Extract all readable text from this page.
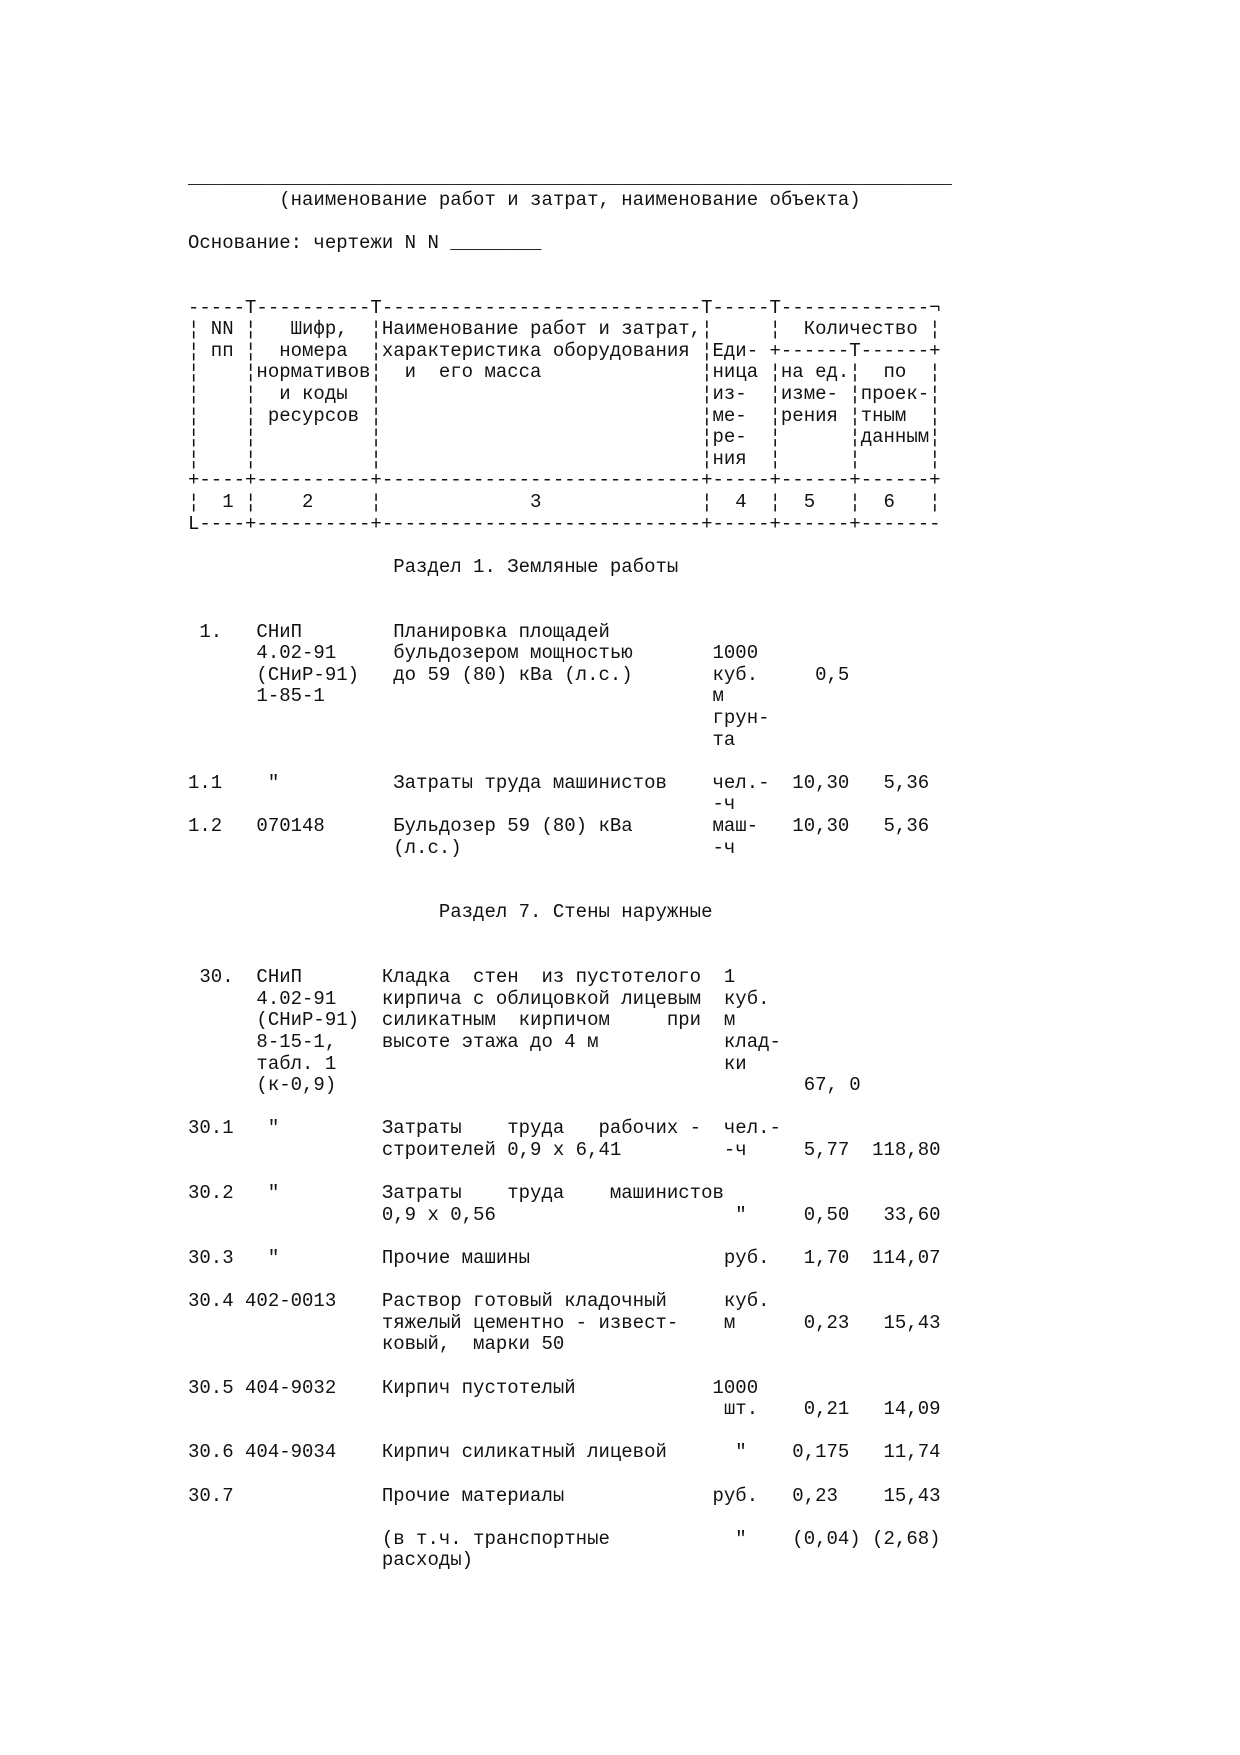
___________________________________________________________________
(наименование работ и затрат, наименование объекта)
Основание: чертежи N N ________
-----T----------T----------------------------T-----T-------------¬
¦ NN ¦   Шифр,  ¦Наименование работ и затрат,¦     ¦  Количество ¦
¦ пп ¦  номера  ¦характеристика оборудования ¦Еди- +------T------+
¦    ¦нормативов¦  и  его масса              ¦ница ¦на ед.¦  по  ¦
¦    ¦  и коды  ¦                            ¦из-  ¦изме- ¦проек-¦
¦    ¦ ресурсов ¦                            ¦ме-  ¦рения ¦тным  ¦
¦    ¦          ¦                            ¦ре-  ¦      ¦данным¦
¦    ¦          ¦                            ¦ния  ¦      ¦      ¦
+----+----------+----------------------------+-----+------+------+
¦  1 ¦    2     ¦             3              ¦  4  ¦  5   ¦  6   ¦
L----+----------+----------------------------+-----+------+-------
Раздел 1. Земляные работы
1.   СНиП        Планировка площадей
4.02-91     бульдозером мощностью       1000
(СНиР-91)   до 59 (80) кВа (л.с.)       куб.     0,5
1-85-1                                  м
грун-
та
1.1    "          Затраты труда машинистов    чел.-  10,30   5,36
-ч
1.2   070148      Бульдозер 59 (80) кВа       маш-   10,30   5,36
(л.с.)                      -ч
Раздел 7. Стены наружные
30.  СНиП       Кладка  стен  из пустотелого  1
4.02-91    кирпича с облицовкой лицевым  куб.
(СНиР-91)  силикатным  кирпичом     при  м
8-15-1,    высоте этажа до 4 м           клад-
табл. 1                                  ки
(к-0,9)                                         67, 0
30.1   "         Затраты    труда   рабочих -  чел.-
строителей 0,9 х 6,41         -ч     5,77  118,80
30.2   "         Затраты    труда    машинистов
0,9 х 0,56                     "     0,50   33,60
30.3   "         Прочие машины                 руб.   1,70  114,07
30.4 402-0013    Раствор готовый кладочный     куб.
тяжелый цементно - извест-    м      0,23   15,43
ковый,  марки 50
30.5 404-9032    Кирпич пустотелый            1000
шт.    0,21   14,09
30.6 404-9034    Кирпич силикатный лицевой      "    0,175   11,74
30.7             Прочие материалы             руб.   0,23    15,43
(в т.ч. транспортные           "    (0,04) (2,68)
расходы)
